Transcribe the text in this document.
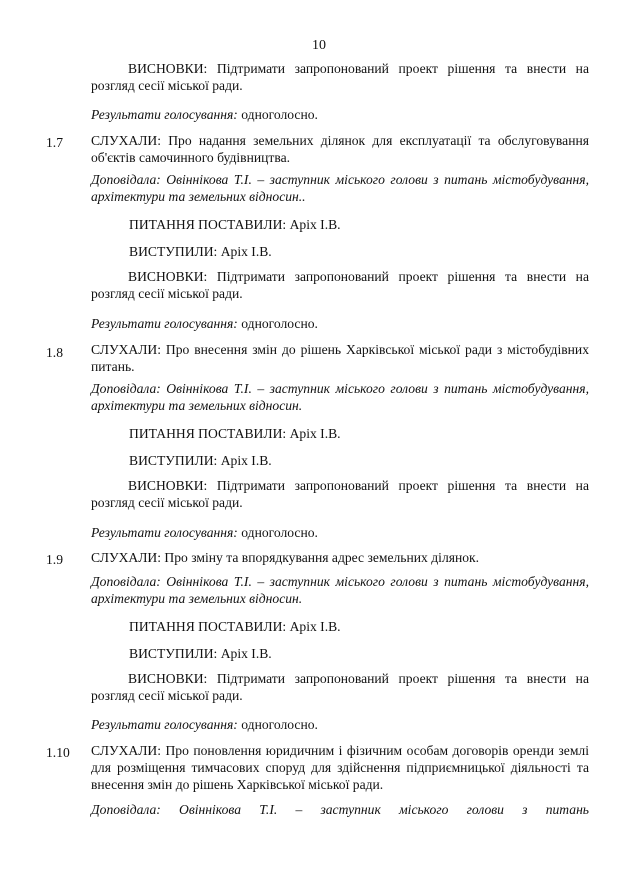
10
ВИСНОВКИ: Підтримати запропонований проект рішення та внести на розгляд сесії міської ради.
Результати голосування: одноголосно.
1.7	СЛУХАЛИ: Про надання земельних ділянок для експлуатації та обслуговування об'єктів самочинного будівництва.
Доповідала: Овіннікова Т.І. – заступник міського голови з питань містобудування, архітектури та земельних відносин..
ПИТАННЯ ПОСТАВИЛИ: Аріх І.В.
ВИСТУПИЛИ: Аріх І.В.
ВИСНОВКИ: Підтримати запропонований проект рішення та внести на розгляд сесії міської ради.
Результати голосування: одноголосно.
1.8	СЛУХАЛИ: Про внесення змін до рішень Харківської міської ради з містобудівних питань.
Доповідала: Овіннікова Т.І. – заступник міського голови з питань містобудування, архітектури та земельних відносин.
ПИТАННЯ ПОСТАВИЛИ: Аріх І.В.
ВИСТУПИЛИ: Аріх І.В.
ВИСНОВКИ: Підтримати запропонований проект рішення та внести на розгляд сесії міської ради.
Результати голосування: одноголосно.
1.9	СЛУХАЛИ: Про зміну та впорядкування адрес земельних ділянок.
Доповідала: Овіннікова Т.І. – заступник міського голови з питань містобудування, архітектури та земельних відносин.
ПИТАННЯ ПОСТАВИЛИ: Аріх І.В.
ВИСТУПИЛИ: Аріх І.В.
ВИСНОВКИ: Підтримати запропонований проект рішення та внести на розгляд сесії міської ради.
Результати голосування: одноголосно.
1.10	СЛУХАЛИ: Про поновлення юридичним і фізичним особам договорів оренди землі для розміщення тимчасових споруд для здійснення підприємницької діяльності та внесення змін до рішень Харківської міської ради.
Доповідала: Овіннікова Т.І. – заступник міського голови з питань
